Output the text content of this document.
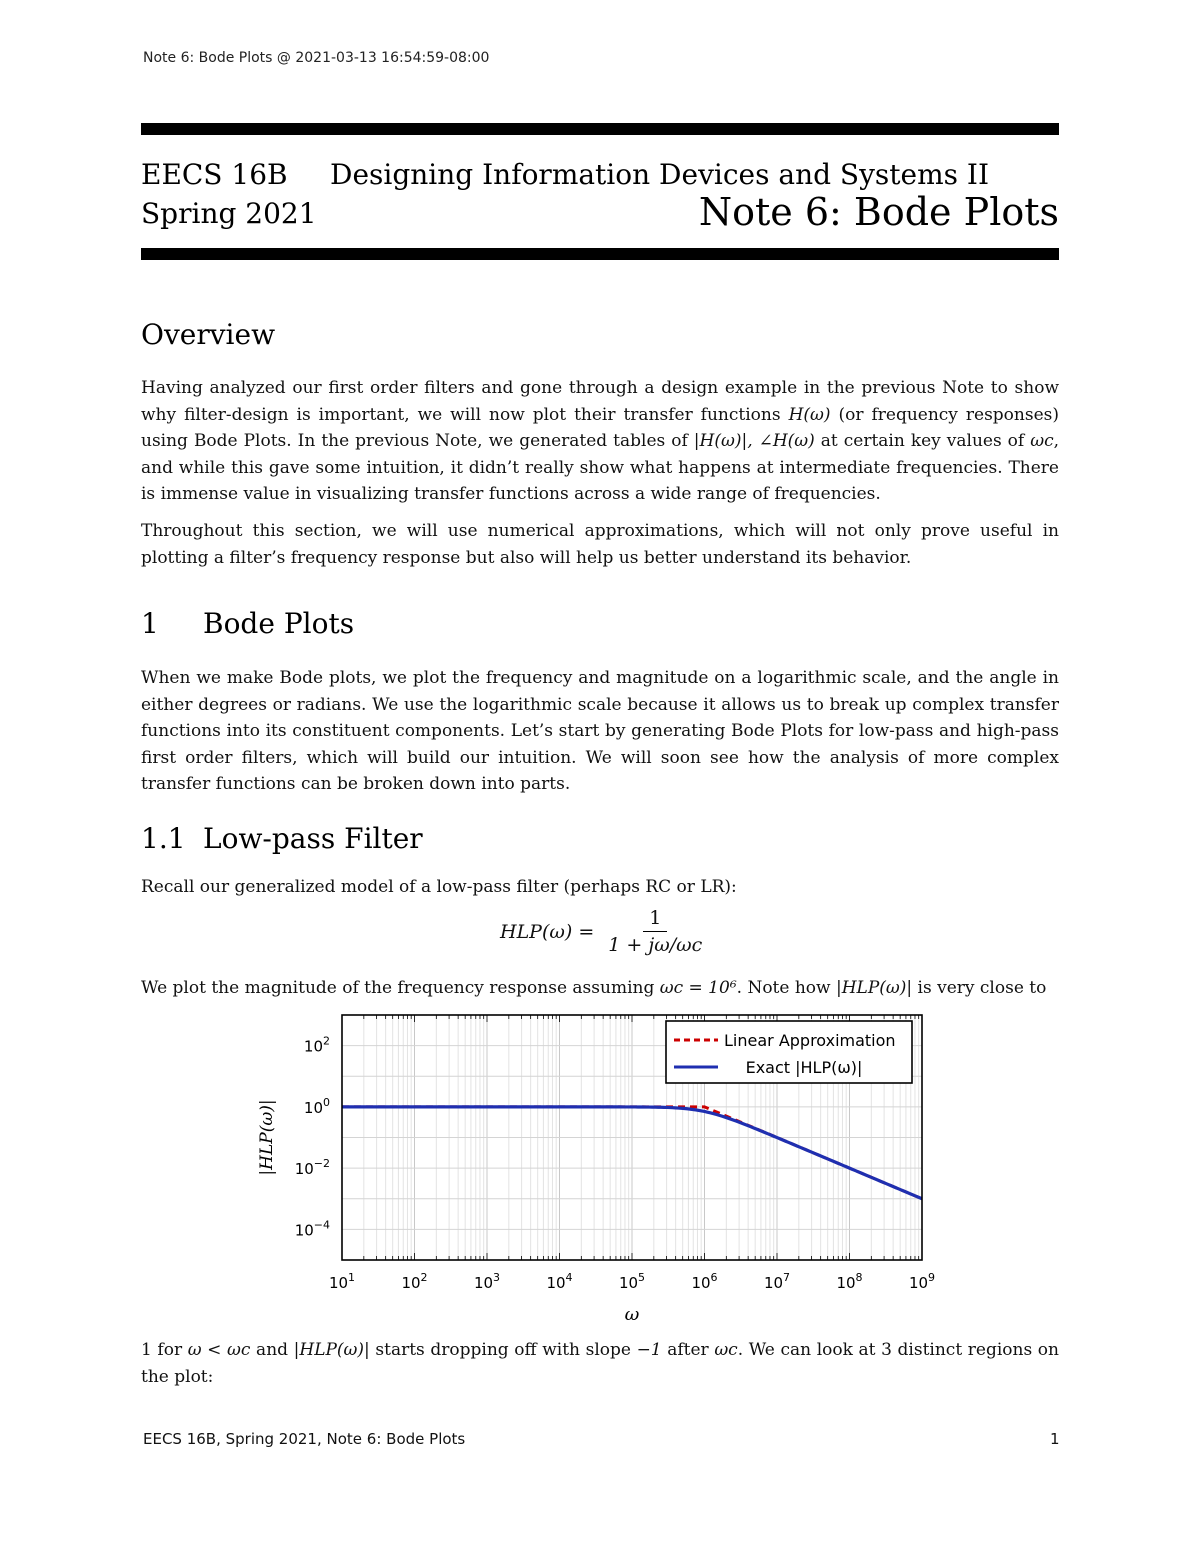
Note 6: Bode Plots @ 2021-03-13 16:54:59-08:00
EECS 16B Designing Information Devices and Systems II
Spring 2021	Note 6: Bode Plots
Overview

Having analyzed our first order filters and gone through a design example in the previous Note to show why filter-design is important, we will now plot their transfer functions H(ω) (or frequency responses) using Bode Plots. In the previous Note, we generated tables of |H(ω)|, ∠H(ω) at certain key values of ωc, and while this gave some intuition, it didn’t really show what happens at intermediate frequencies. There is immense value in visualizing transfer functions across a wide range of frequencies.

Throughout this section, we will use numerical approximations, which will not only prove useful in plotting a filter’s frequency response but also will help us better understand its behavior.

1 Bode Plots

When we make Bode plots, we plot the frequency and magnitude on a logarithmic scale, and the angle in either degrees or radians. We use the logarithmic scale because it allows us to break up complex transfer functions into its constituent components. Let’s start by generating Bode Plots for low-pass and high-pass first order filters, which will build our intuition. We will soon see how the analysis of more complex transfer functions can be broken down into parts.

1.1 Low-pass Filter

Recall our generalized model of a low-pass filter (perhaps RC or LR):

$HLP(\omega) = \frac{1}{1 + j\omega/\omega c}$

We plot the magnitude of the frequency response assuming ωc = 10⁶. Note how |HLP(ω)| is very close to

$10^1$	$10^2$	$10^3$	$10^4$	$10^5$	$10^6$	$10^7$	$10^8$	$10^9$
$10^{-4}$
$10^{-2}$
$10^0$
$10^2$
ω
|HLP(ω)|
Linear Approximation
Exact |HLP(ω)|

1 for ω < ωc and |HLP(ω)| starts dropping off with slope −1 after ωc. We can look at 3 distinct regions on the plot:

EECS 16B, Spring 2021, Note 6: Bode Plots	1
